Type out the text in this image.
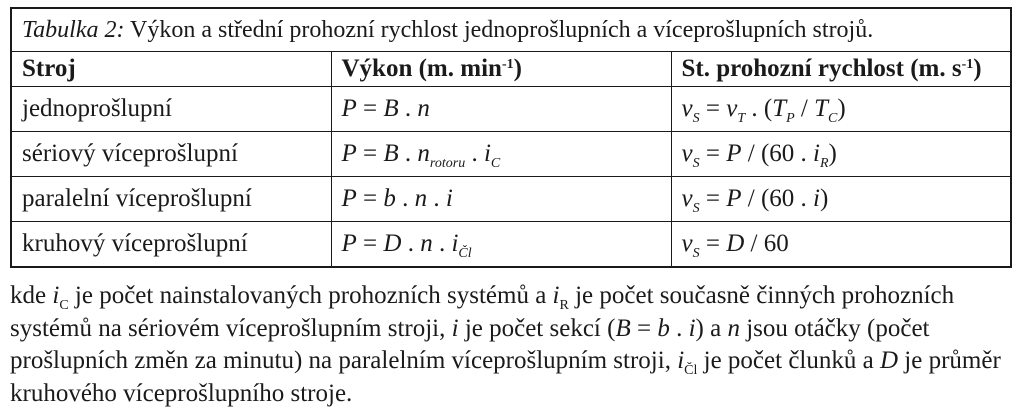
Tabulka 2: Výkon a střední prohozní rychlost jednoprošlupních a víceprošlupních strojů.		
Stroj	Výkon (m. $\min^{-1}$)	St. prohozní rychlost (m. $s^{-1}$)
jednoprošlupní	P = B . n	$v_S = v_T$ . $(T_P / T_C)$
sériový víceprošlupní	P = B . $n_{rotoru}$ . $i_C$	$v_S = P / (60$ . $i_R$)
paralelní víceprošlupní	P = b . n . i	$v_S = P / (60$ . i)
kruhový víceprošlupní	P = D . n . $i_{Čl}$	$v_S = D / 60$
kde $i_C$ je počet nainstalovaných prohozních systémů a $i_R$ je počet současně činných prohozních systémů na sériovém víceprošlupním stroji, i je počet sekcí (B = b . i) a n jsou otáčky (počet prošlupních změn za minutu) na paralelním víceprošlupním stroji, $i_{Čl}$ je počet člunků a D je průměr kruhového víceprošlupního stroje.
